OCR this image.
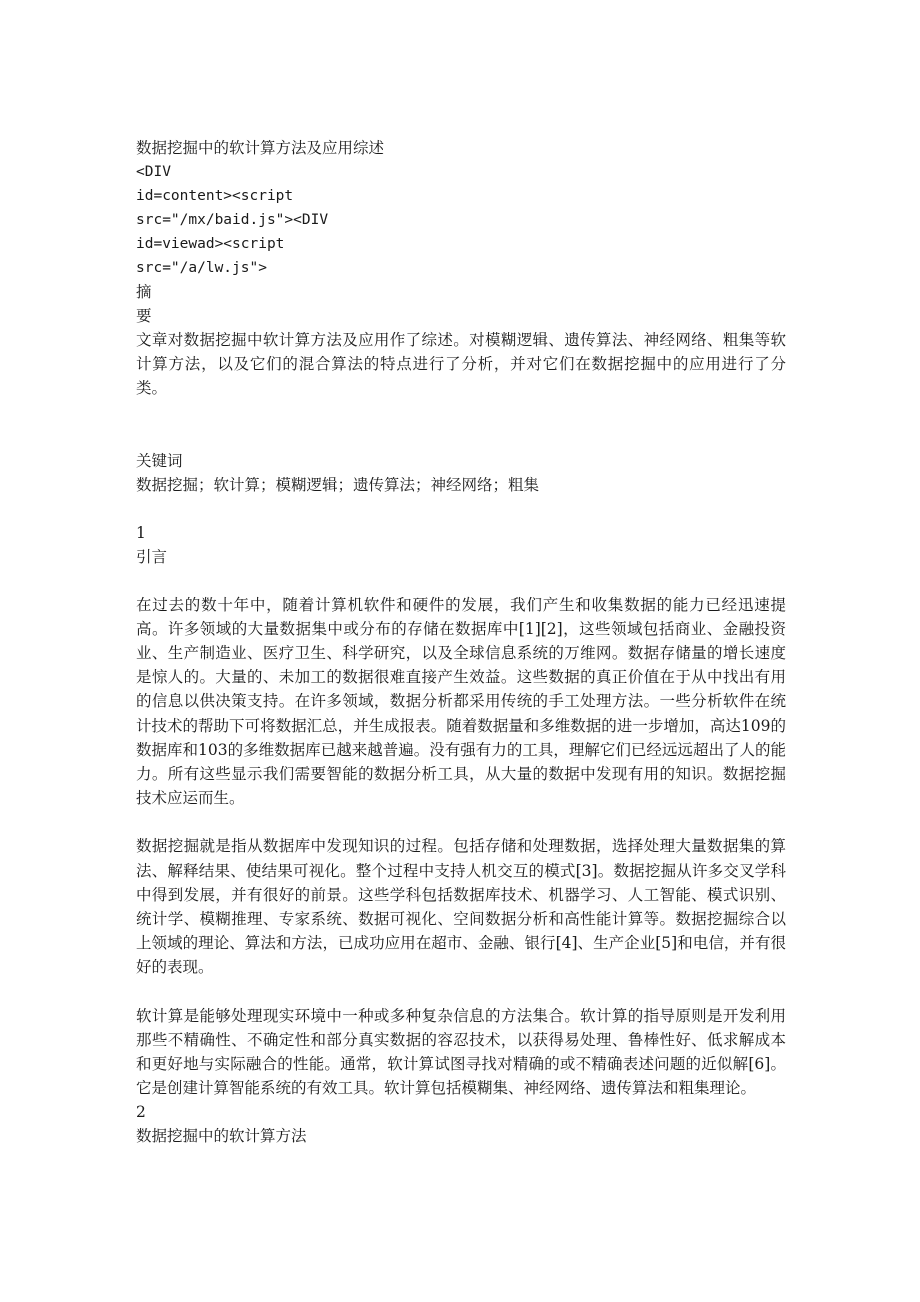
数据挖掘中的软计算方法及应用综述
<DIV
id=content><script
src="/mx/baid.js"><DIV
id=viewad><script
src="/a/lw.js">
摘
要
文章对数据挖掘中软计算方法及应用作了综述。对模糊逻辑、遗传算法、神经网络、粗集等软计算方法，以及它们的混合算法的特点进行了分析，并对它们在数据挖掘中的应用进行了分类。
关键词
数据挖掘；软计算；模糊逻辑；遗传算法；神经网络；粗集
1
引言
在过去的数十年中，随着计算机软件和硬件的发展，我们产生和收集数据的能力已经迅速提高。许多领域的大量数据集中或分布的存储在数据库中[1][2]，这些领域包括商业、金融投资业、生产制造业、医疗卫生、科学研究，以及全球信息系统的万维网。数据存储量的增长速度是惊人的。大量的、未加工的数据很难直接产生效益。这些数据的真正价值在于从中找出有用的信息以供决策支持。在许多领域，数据分析都采用传统的手工处理方法。一些分析软件在统计技术的帮助下可将数据汇总，并生成报表。随着数据量和多维数据的进一步增加，高达109的数据库和103的多维数据库已越来越普遍。没有强有力的工具，理解它们已经远远超出了人的能力。所有这些显示我们需要智能的数据分析工具，从大量的数据中发现有用的知识。数据挖掘技术应运而生。
数据挖掘就是指从数据库中发现知识的过程。包括存储和处理数据，选择处理大量数据集的算法、解释结果、使结果可视化。整个过程中支持人机交互的模式[3]。数据挖掘从许多交叉学科中得到发展，并有很好的前景。这些学科包括数据库技术、机器学习、人工智能、模式识别、统计学、模糊推理、专家系统、数据可视化、空间数据分析和高性能计算等。数据挖掘综合以上领域的理论、算法和方法，已成功应用在超市、金融、银行[4]、生产企业[5]和电信，并有很好的表现。
软计算是能够处理现实环境中一种或多种复杂信息的方法集合。软计算的指导原则是开发利用那些不精确性、不确定性和部分真实数据的容忍技术，以获得易处理、鲁棒性好、低求解成本和更好地与实际融合的性能。通常，软计算试图寻找对精确的或不精确表述问题的近似解[6]。它是创建计算智能系统的有效工具。软计算包括模糊集、神经网络、遗传算法和粗集理论。
2
数据挖掘中的软计算方法
